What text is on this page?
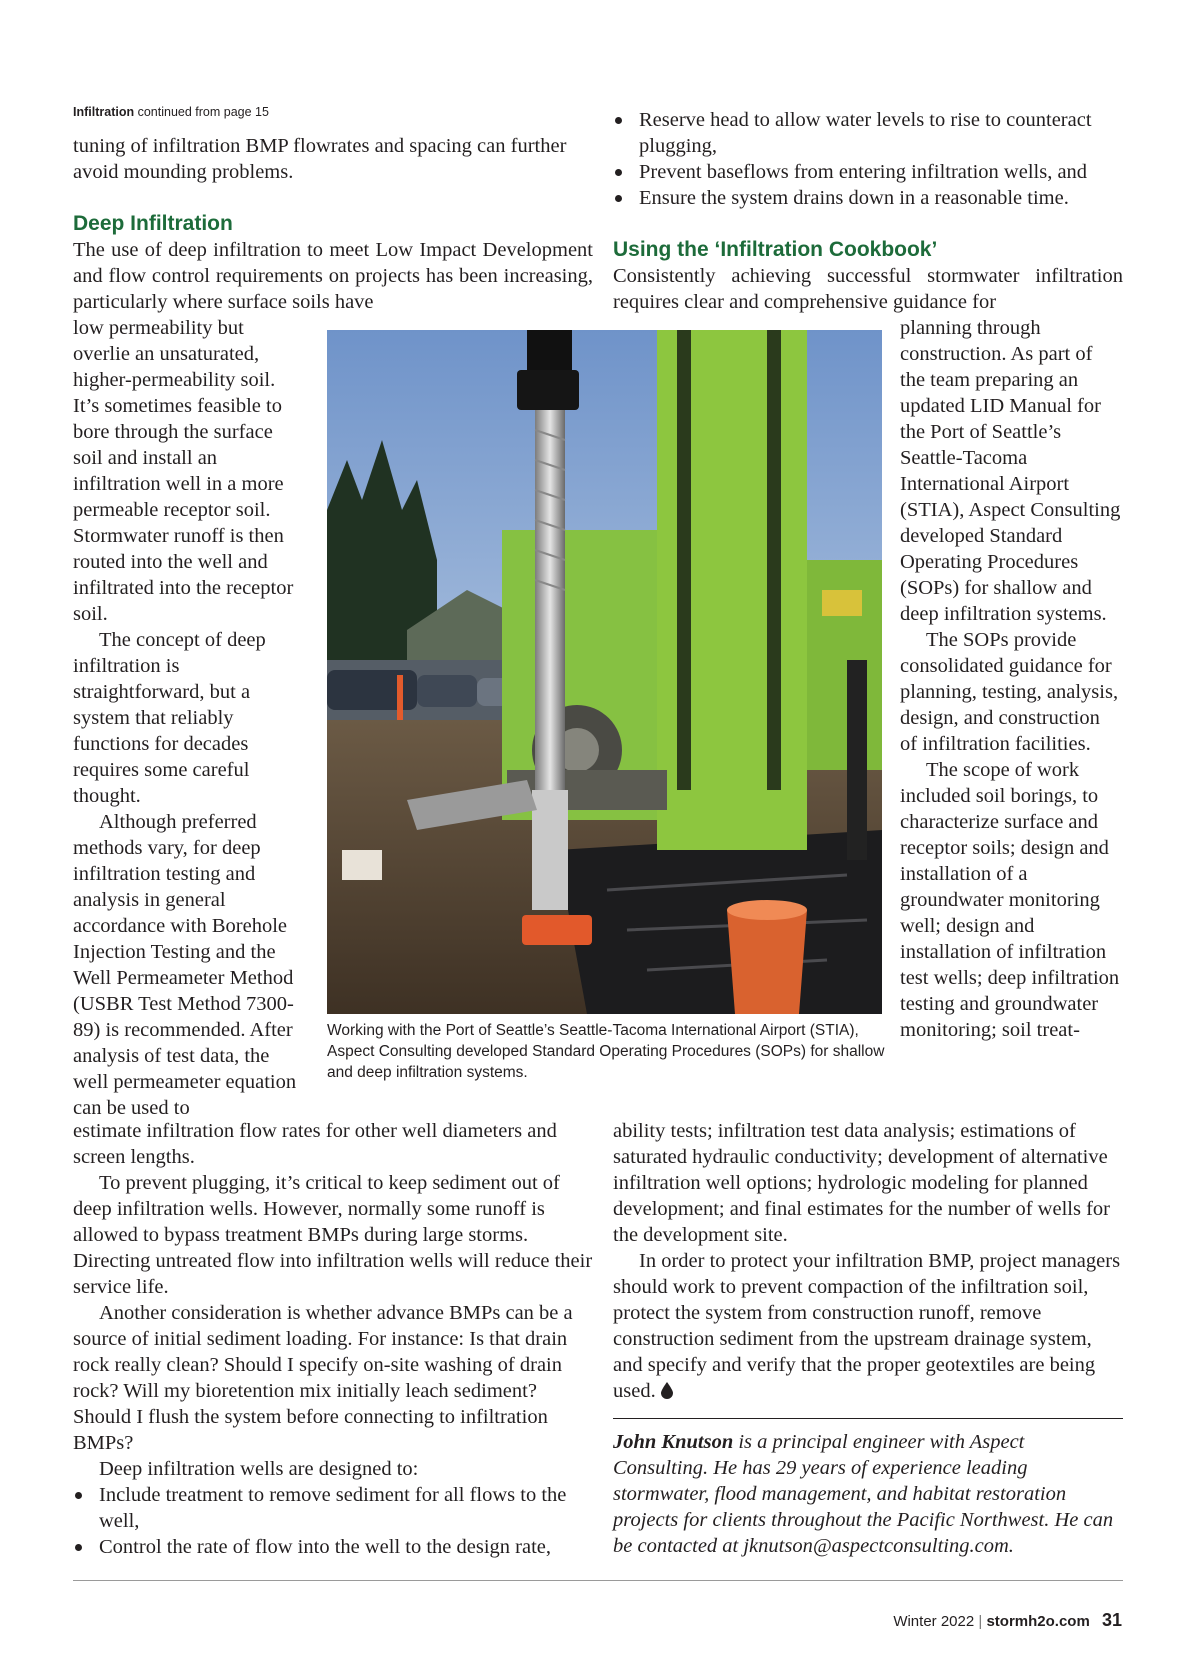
Infiltration continued from page 15

tuning of infiltration BMP flowrates and spacing can further avoid mounding problems.

Deep Infiltration

The use of deep infiltration to meet Low Impact Development and flow control requirements on projects has been increasing, particularly where surface soils have

low permeability but overlie an unsaturated, higher-permeability soil. It’s sometimes feasible to bore through the surface soil and install an infiltration well in a more permeable receptor soil. Stormwater runoff is then routed into the well and infiltrated into the receptor soil.

The concept of deep infiltration is straightforward, but a system that reliably functions for decades requires some careful thought.

Although preferred methods vary, for deep infiltration testing and analysis in general accordance with Borehole Injection Testing and the Well Permeameter Method (USBR Test Method 7300-89) is recommended. After analysis of test data, the well permeameter equation can be used to

estimate infiltration flow rates for other well diameters and screen lengths.

To prevent plugging, it’s critical to keep sediment out of deep infiltration wells. However, normally some runoff is allowed to bypass treatment BMPs during large storms. Directing untreated flow into infiltration wells will reduce their service life.

Another consideration is whether advance BMPs can be a source of initial sediment loading. For instance: Is that drain rock really clean? Should I specify on-site washing of drain rock? Will my bioretention mix initially leach sediment? Should I flush the system before connecting to infiltration BMPs?

Deep infiltration wells are designed to:

Include treatment to remove sediment for all flows to the well,
Control the rate of flow into the well to the design rate,
Reserve head to allow water levels to rise to counteract plugging,
Prevent baseflows from entering infiltration wells, and
Ensure the system drains down in a reasonable time.

Using the ‘Infiltration Cookbook’

Consistently achieving successful stormwater infiltration requires clear and comprehensive guidance for

planning through construction. As part of the team preparing an updated LID Manual for the Port of Seattle’s Seattle-Tacoma International Airport (STIA), Aspect Consulting developed Standard Operating Procedures (SOPs) for shallow and deep infiltration systems.

The SOPs provide consolidated guidance for planning, testing, analysis, design, and construction of infiltration facilities.

The scope of work included soil borings, to characterize surface and receptor soils; design and installation of a groundwater monitoring well; design and installation of infiltration test wells; deep infiltration testing and groundwater monitoring; soil treat-

ability tests; infiltration test data analysis; estimations of saturated hydraulic conductivity; development of alternative infiltration well options; hydrologic modeling for planned development; and final estimates for the number of wells for the development site.

In order to protect your infiltration BMP, project managers should work to prevent compaction of the infiltration soil, protect the system from construction runoff, remove construction sediment from the upstream drainage system, and specify and verify that the proper geotextiles are being used.

John Knutson is a principal engineer with Aspect Consulting. He has 29 years of experience leading stormwater, flood management, and habitat restoration projects for clients throughout the Pacific Northwest. He can be contacted at jknutson@aspectconsulting.com.

Working with the Port of Seattle’s Seattle-Tacoma International Airport (STIA), Aspect Consulting developed Standard Operating Procedures (SOPs) for shallow and deep infiltration systems.
Winter 2022 | stormh2o.com 31
